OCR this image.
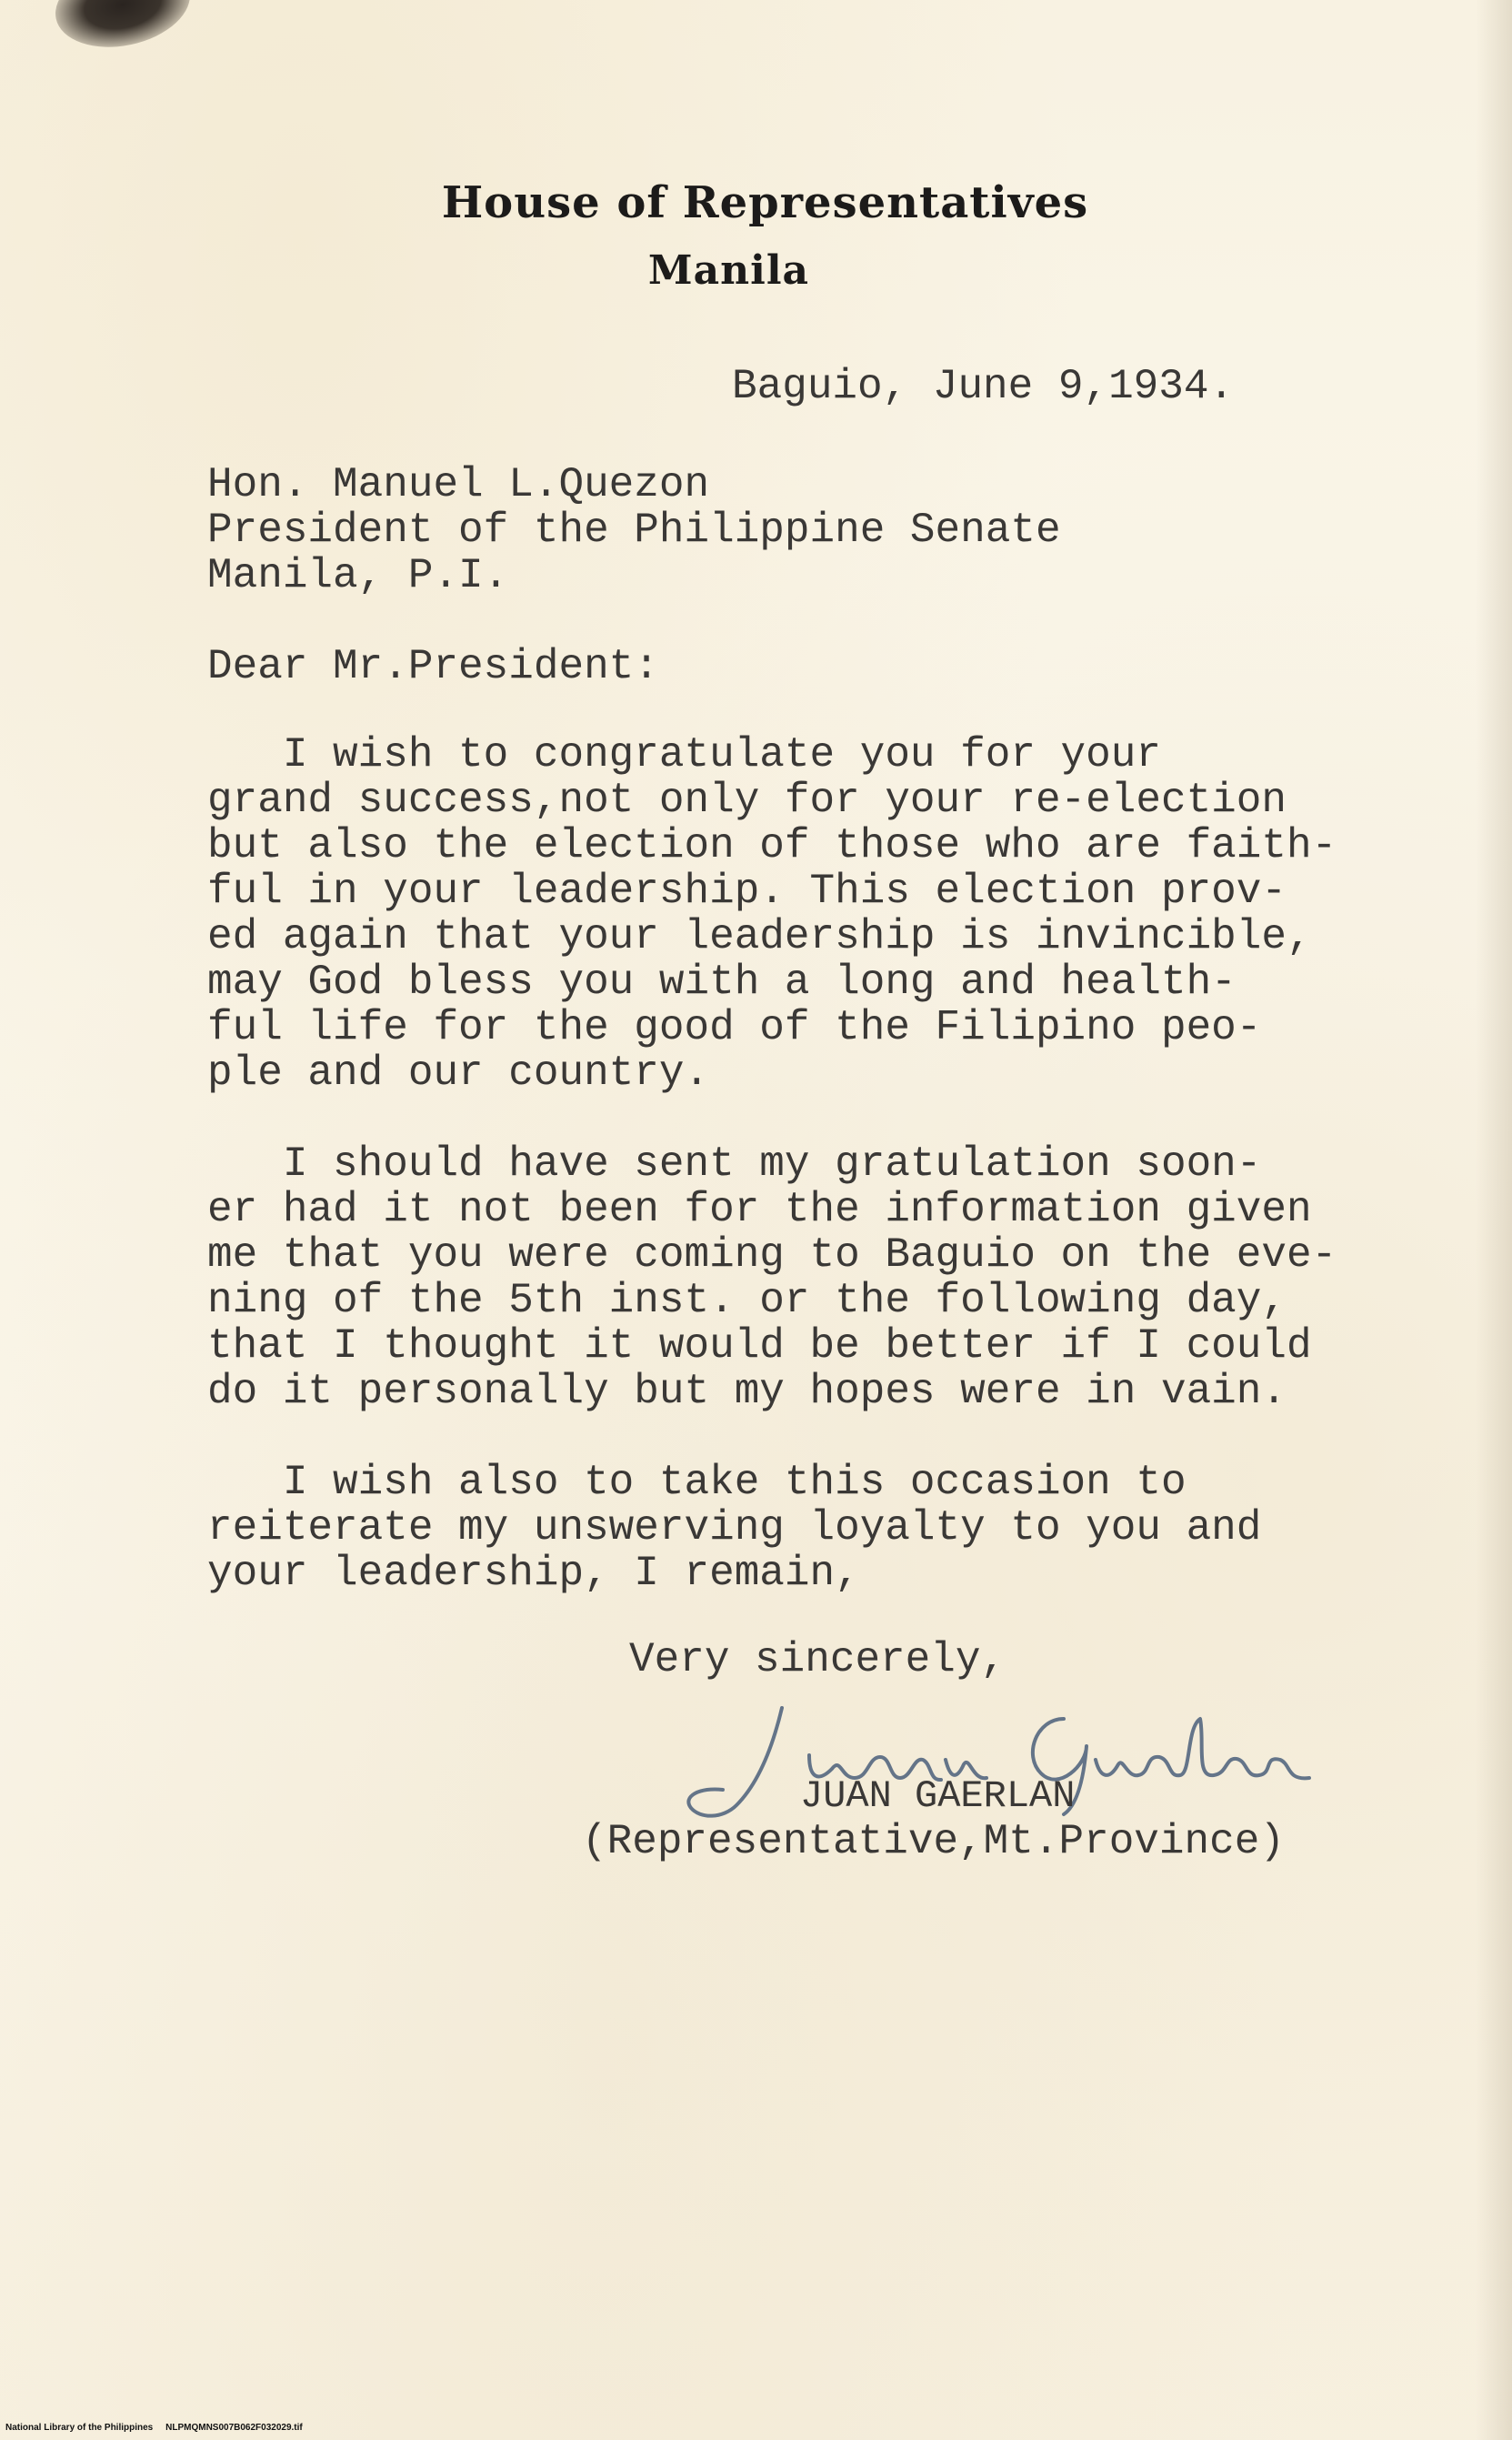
House of Representatives
Manila
Baguio, June 9,1934.
Hon. Manuel L.Quezon
President of the Philippine Senate
Manila, P.I.
Dear Mr.President:
I wish to congratulate you for your
grand success,not only for your re-election
but also the election of those who are faith-
ful in your leadership. This election prov-
ed again that your leadership is invincible,
may God bless you with a long and health-
ful life for the good of the Filipino peo-
ple and our country.
I should have sent my gratulation soon-
er had it not been for the information given
me that you were coming to Baguio on the eve-
ning of the 5th inst. or the following day,
that I thought it would be better if I could
do it personally but my hopes were in vain.
I wish also to take this occasion to
reiterate my unswerving loyalty to you and
your leadership, I remain,
Very sincerely,
Juan Gaerlan
JUAN GAERLAN
(Representative,Mt.Province)
National Library of the Philippines     NLPMQMNS007B062F032029.tif
